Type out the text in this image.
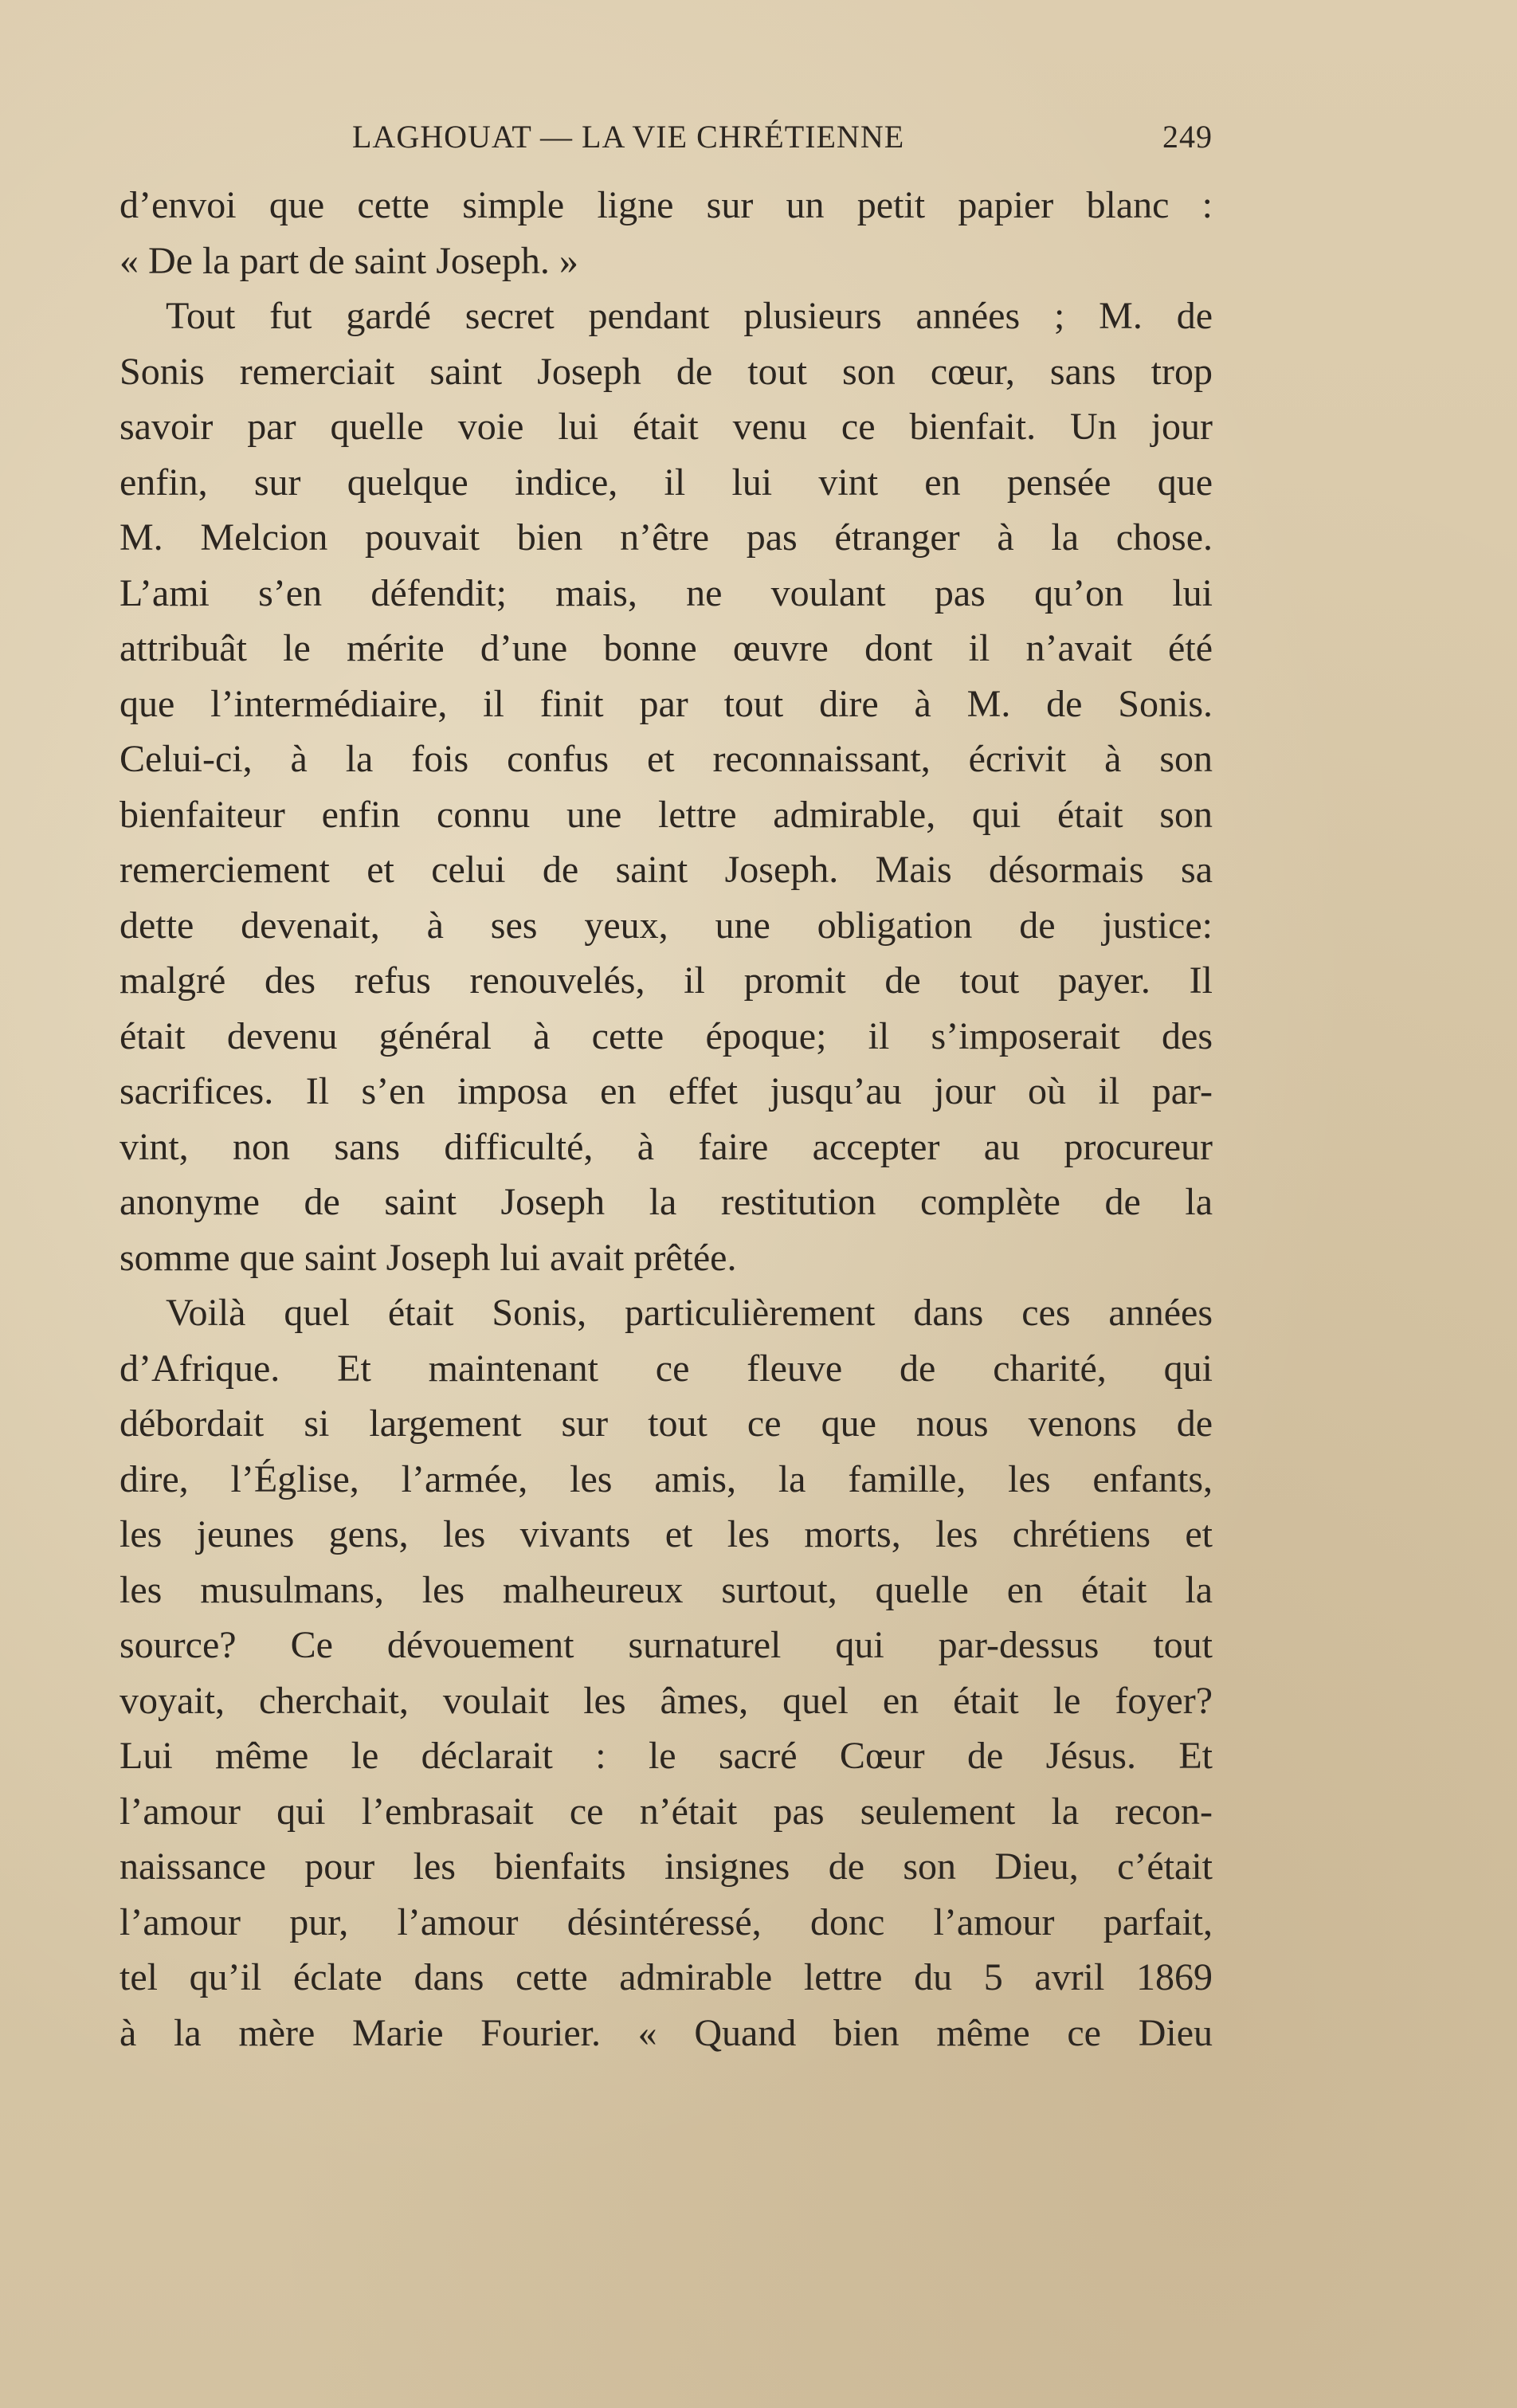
LAGHOUAT — LA VIE CHRÉTIENNE	249
d’envoi que cette simple ligne sur un petit papier blanc :
« De la part de saint Joseph. »
Tout fut gardé secret pendant plusieurs années ; M. de
Sonis remerciait saint Joseph de tout son cœur, sans trop
savoir par quelle voie lui était venu ce bienfait. Un jour
enfin, sur quelque indice, il lui vint en pensée que
M. Melcion pouvait bien n’être pas étranger à la chose.
L’ami s’en défendit; mais, ne voulant pas qu’on lui
attribuât le mérite d’une bonne œuvre dont il n’avait été
que l’intermédiaire, il finit par tout dire à M. de Sonis.
Celui-ci, à la fois confus et reconnaissant, écrivit à son
bienfaiteur enfin connu une lettre admirable, qui était son
remerciement et celui de saint Joseph. Mais désormais sa
dette devenait, à ses yeux, une obligation de justice:
malgré des refus renouvelés, il promit de tout payer. Il
était devenu général à cette époque; il s’imposerait des
sacrifices. Il s’en imposa en effet jusqu’au jour où il par-
vint, non sans difficulté, à faire accepter au procureur
anonyme de saint Joseph la restitution complète de la
somme que saint Joseph lui avait prêtée.
Voilà quel était Sonis, particulièrement dans ces années
d’Afrique. Et maintenant ce fleuve de charité, qui
débordait si largement sur tout ce que nous venons de
dire, l’Église, l’armée, les amis, la famille, les enfants,
les jeunes gens, les vivants et les morts, les chrétiens et
les musulmans, les malheureux surtout, quelle en était la
source? Ce dévouement surnaturel qui par-dessus tout
voyait, cherchait, voulait les âmes, quel en était le foyer?
Lui même le déclarait : le sacré Cœur de Jésus. Et
l’amour qui l’embrasait ce n’était pas seulement la recon-
naissance pour les bienfaits insignes de son Dieu, c’était
l’amour pur, l’amour désintéressé, donc l’amour parfait,
tel qu’il éclate dans cette admirable lettre du 5 avril 1869
à la mère Marie Fourier. « Quand bien même ce Dieu
